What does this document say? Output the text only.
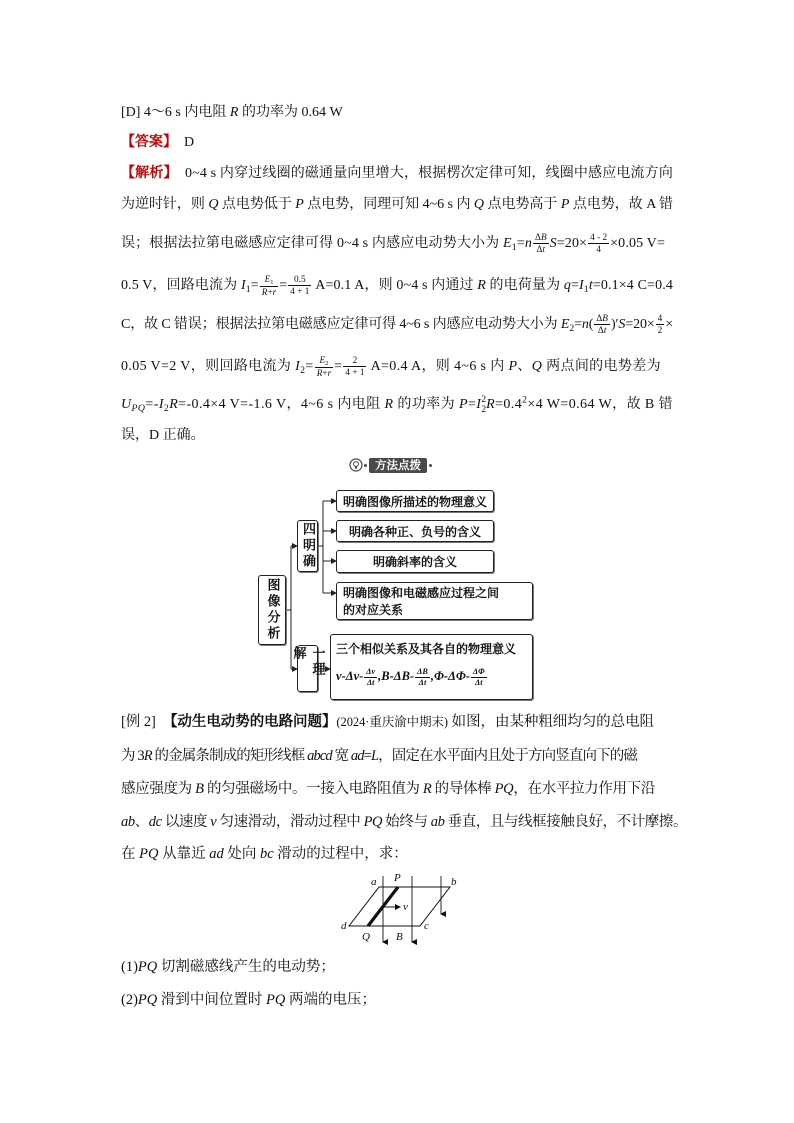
[D] 4～6 s 内电阻 R 的功率为 0.64 W
【答案】  D
【解析】  0~4 s 内穿过线圈的磁通量向里增大，根据楞次定律可知，线圈中感应电流方向
为逆时针，则 Q 点电势低于 P 点电势，同理可知 4~6 s 内 Q 点电势高于 P 点电势，故 A 错
误；根据法拉第电磁感应定律可得 0~4 s 内感应电动势大小为 $E_1=n \frac{\Delta B}{\Delta t} S=20\times \frac{4 - 2}{4} \times 0.05$ V=
0.5 V，回路电流为 $I_1= \frac{E_1}{R+r} = \frac{0.5}{4 + 1} A=0.1$ A，则 0~4 s 内通过 R 的电荷量为 $q=I_1t=0.1\times 4$ C=0.4
C，故 C 错误；根据法拉第电磁感应定律可得 4~6 s 内感应电动势大小为 $E_2=n( \frac{\Delta B}{\Delta t} )'S=20\times \frac{4}{2}$ ×
0.05 V=2 V，则回路电流为 $I_2= \frac{E_2}{R+r} = \frac{2}{4 + 1} A=0.4$ A，则 4~6 s 内 P、Q 两点间的电势差为
$U_{PQ}=-I_2R=-0.4\times 4$ V=-1.6 V，4~6 s 内电阻 R 的功率为 P=I 2
2 $R=0.4^2\times 4$ W=0.64 W，故 B 错
误，D 正确。
方法点拨
图像分析
四明确
一理解
明确图像所描述的物理意义
明确各种正、负号的含义
明确斜率的含义
明确图像和电磁感应过程之间
的对应关系
三个相似关系及其各自的物理意义
$v-\Delta v- \frac{\Delta v}{\Delta t} ,B-\Delta B- \frac{\Delta B}{\Delta t} ,\Phi-\Delta\Phi- \frac{\Delta\Phi}{\Delta t}$
[例 2]  【动生电动势的电路问题】(2024·重庆渝中期末) 如图，由某种粗细均匀的总电阻
为 3R 的金属条制成的矩形线框 abcd 宽 ad=L，固定在水平面内且处于方向竖直向下的磁
感应强度为 B 的匀强磁场中。一接入电路阻值为 R 的导体棒 PQ，在水平拉力作用下沿
ab、dc 以速度 v 匀速滑动，滑动过程中 PQ 始终与 ab 垂直，且与线框接触良好，不计摩擦。
在 PQ 从靠近 ad 处向 bc 滑动的过程中，求：
a P	b
d
Q B
c
v
(1)PQ 切割磁感线产生的电动势；
(2)PQ 滑到中间位置时 PQ 两端的电压；
